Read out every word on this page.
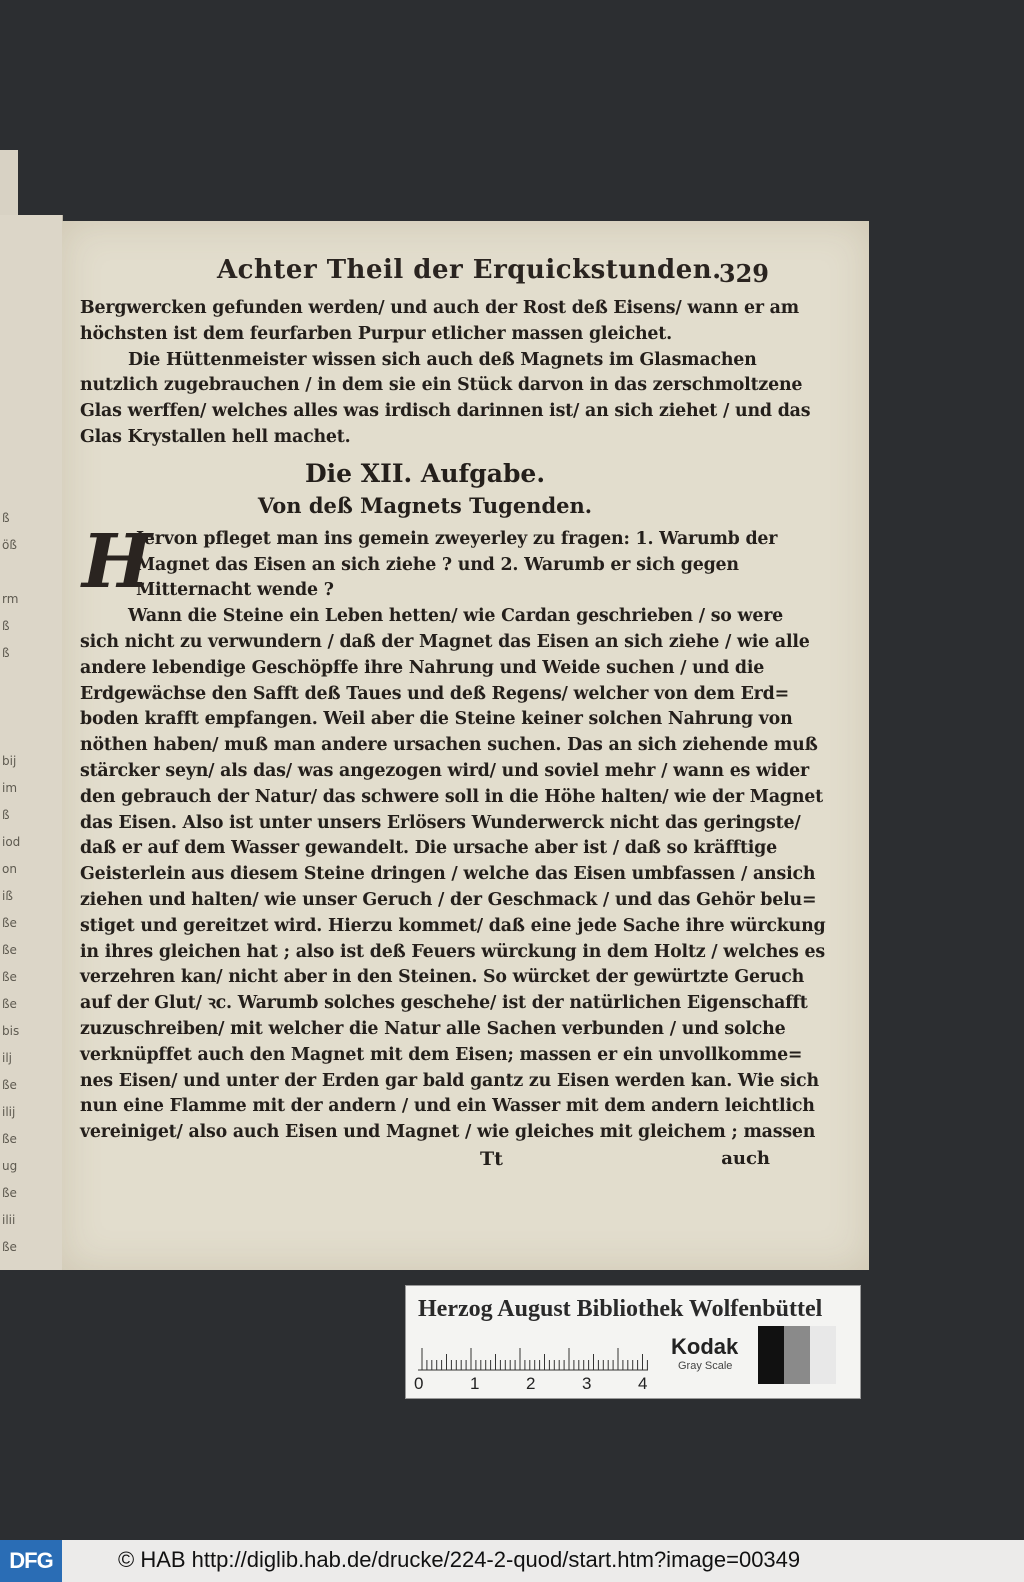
ß
öß
rm
ß
ß
bij
im
ß
iod
on
iß
ße
ße
ße
ße
bis
ilj
ße
ilij
ße
ug
ße
ilii
ße
Achter Theil der Erquickstunden.
329
Bergwercken gefunden werden/ und auch der Rost deß Eisens/ wann er am
höchsten ist dem feurfarben Purpur etlicher massen gleichet.
Die Hüttenmeister wissen sich auch deß Magnets im Glasmachen
nutzlich zugebrauchen / in dem sie ein Stück darvon in das zerschmoltzene
Glas werffen/ welches alles was irdisch darinnen ist/ an sich ziehet / und das
Glas Krystallen hell machet.
Die XII. Aufgabe.
Von deß Magnets Tugenden.
H
Iervon pfleget man ins gemein zweyerley zu fragen: 1. Warumb der
Magnet das Eisen an sich ziehe ? und 2. Warumb er sich gegen
Mitternacht wende ?
Wann die Steine ein Leben hetten/ wie Cardan geschrieben / so were
sich nicht zu verwundern / daß der Magnet das Eisen an sich ziehe / wie alle
andere lebendige Geschöpffe ihre Nahrung und Weide suchen / und die
Erdgewächse den Safft deß Taues und deß Regens/ welcher von dem Erd=
boden krafft empfangen. Weil aber die Steine keiner solchen Nahrung von
nöthen haben/ muß man andere ursachen suchen. Das an sich ziehende muß
stärcker seyn/ als das/ was angezogen wird/ und soviel mehr / wann es wider
den gebrauch der Natur/ das schwere soll in die Höhe halten/ wie der Magnet
das Eisen. Also ist unter unsers Erlösers Wunderwerck nicht das geringste/
daß er auf dem Wasser gewandelt. Die ursache aber ist / daß so kräfftige
Geisterlein aus diesem Steine dringen / welche das Eisen umbfassen / ansich
ziehen und halten/ wie unser Geruch / der Geschmack / und das Gehör belu=
stiget und gereitzet wird. Hierzu kommet/ daß eine jede Sache ihre würckung
in ihres gleichen hat ; also ist deß Feuers würckung in dem Holtz / welches es
verzehren kan/ nicht aber in den Steinen. So würcket der gewürtzte Geruch
auf der Glut/ ꝛc. Warumb solches geschehe/ ist der natürlichen Eigenschafft
zuzuschreiben/ mit welcher die Natur alle Sachen verbunden / und solche
verknüpffet auch den Magnet mit dem Eisen; massen er ein unvollkomme=
nes Eisen/ und unter der Erden gar bald gantz zu Eisen werden kan. Wie sich
nun eine Flamme mit der andern / und ein Wasser mit dem andern leichtlich
vereiniget/ also auch Eisen und Magnet / wie gleiches mit gleichem ; massen
Tt	auch
Herzog August Bibliothek Wolfenbüttel
0	1	2	3	4
Kodak
Gray Scale
DFG	© HAB http://diglib.hab.de/drucke/224-2-quod/start.htm?image=00349
